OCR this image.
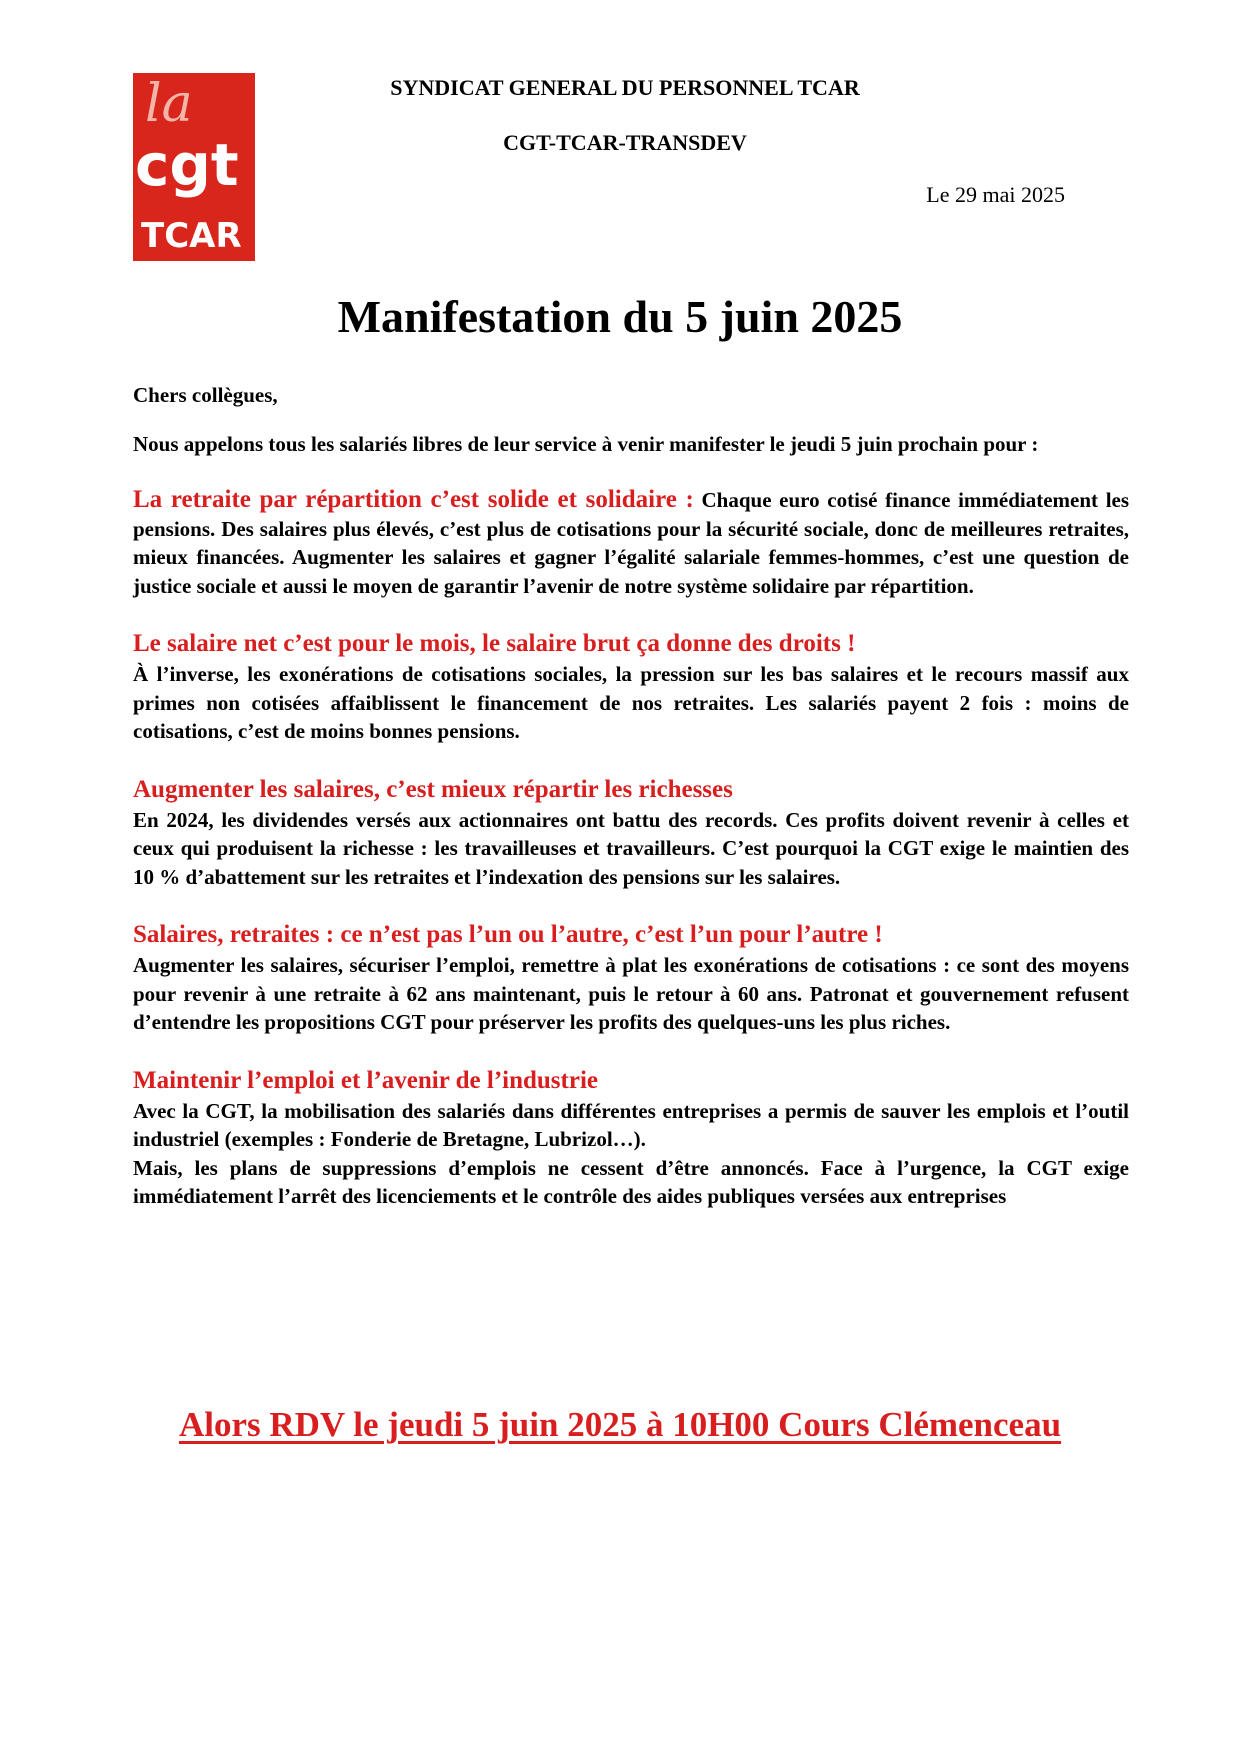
la
cgt
TCAR

SYNDICAT GENERAL DU PERSONNEL TCAR

CGT-TCAR-TRANSDEV

Le 29 mai 2025

Manifestation du 5 juin 2025

Chers collègues,

Nous appelons tous les salariés libres de leur service à venir manifester le jeudi 5 juin prochain pour :

La retraite par répartition c’est solide et solidaire : Chaque euro cotisé finance immédiatement les pensions. Des salaires plus élevés, c’est plus de cotisations pour la sécurité sociale, donc de meilleures retraites, mieux financées. Augmenter les salaires et gagner l’égalité salariale femmes-hommes, c’est une question de justice sociale et aussi le moyen de garantir l’avenir de notre système solidaire par répartition.

Le salaire net c’est pour le mois, le salaire brut ça donne des droits !

À l’inverse, les exonérations de cotisations sociales, la pression sur les bas salaires et le recours massif aux primes non cotisées affaiblissent le financement de nos retraites. Les salariés payent 2 fois : moins de cotisations, c’est de moins bonnes pensions.

Augmenter les salaires, c’est mieux répartir les richesses

En 2024, les dividendes versés aux actionnaires ont battu des records. Ces profits doivent revenir à celles et ceux qui produisent la richesse : les travailleuses et travailleurs. C’est pourquoi la CGT exige le maintien des 10 % d’abattement sur les retraites et l’indexation des pensions sur les salaires.

Salaires, retraites : ce n’est pas l’un ou l’autre, c’est l’un pour l’autre !

Augmenter les salaires, sécuriser l’emploi, remettre à plat les exonérations de cotisations : ce sont des moyens pour revenir à une retraite à 62 ans maintenant, puis le retour à 60 ans. Patronat et gouvernement refusent d’entendre les propositions CGT pour préserver les profits des quelques-uns les plus riches.

Maintenir l’emploi et l’avenir de l’industrie

Avec la CGT, la mobilisation des salariés dans différentes entreprises a permis de sauver les emplois et l’outil industriel (exemples : Fonderie de Bretagne, Lubrizol…).

Mais, les plans de suppressions d’emplois ne cessent d’être annoncés. Face à l’urgence, la CGT exige immédiatement l’arrêt des licenciements et le contrôle des aides publiques versées aux entreprises

Alors RDV le jeudi 5 juin 2025 à 10H00 Cours Clémenceau
